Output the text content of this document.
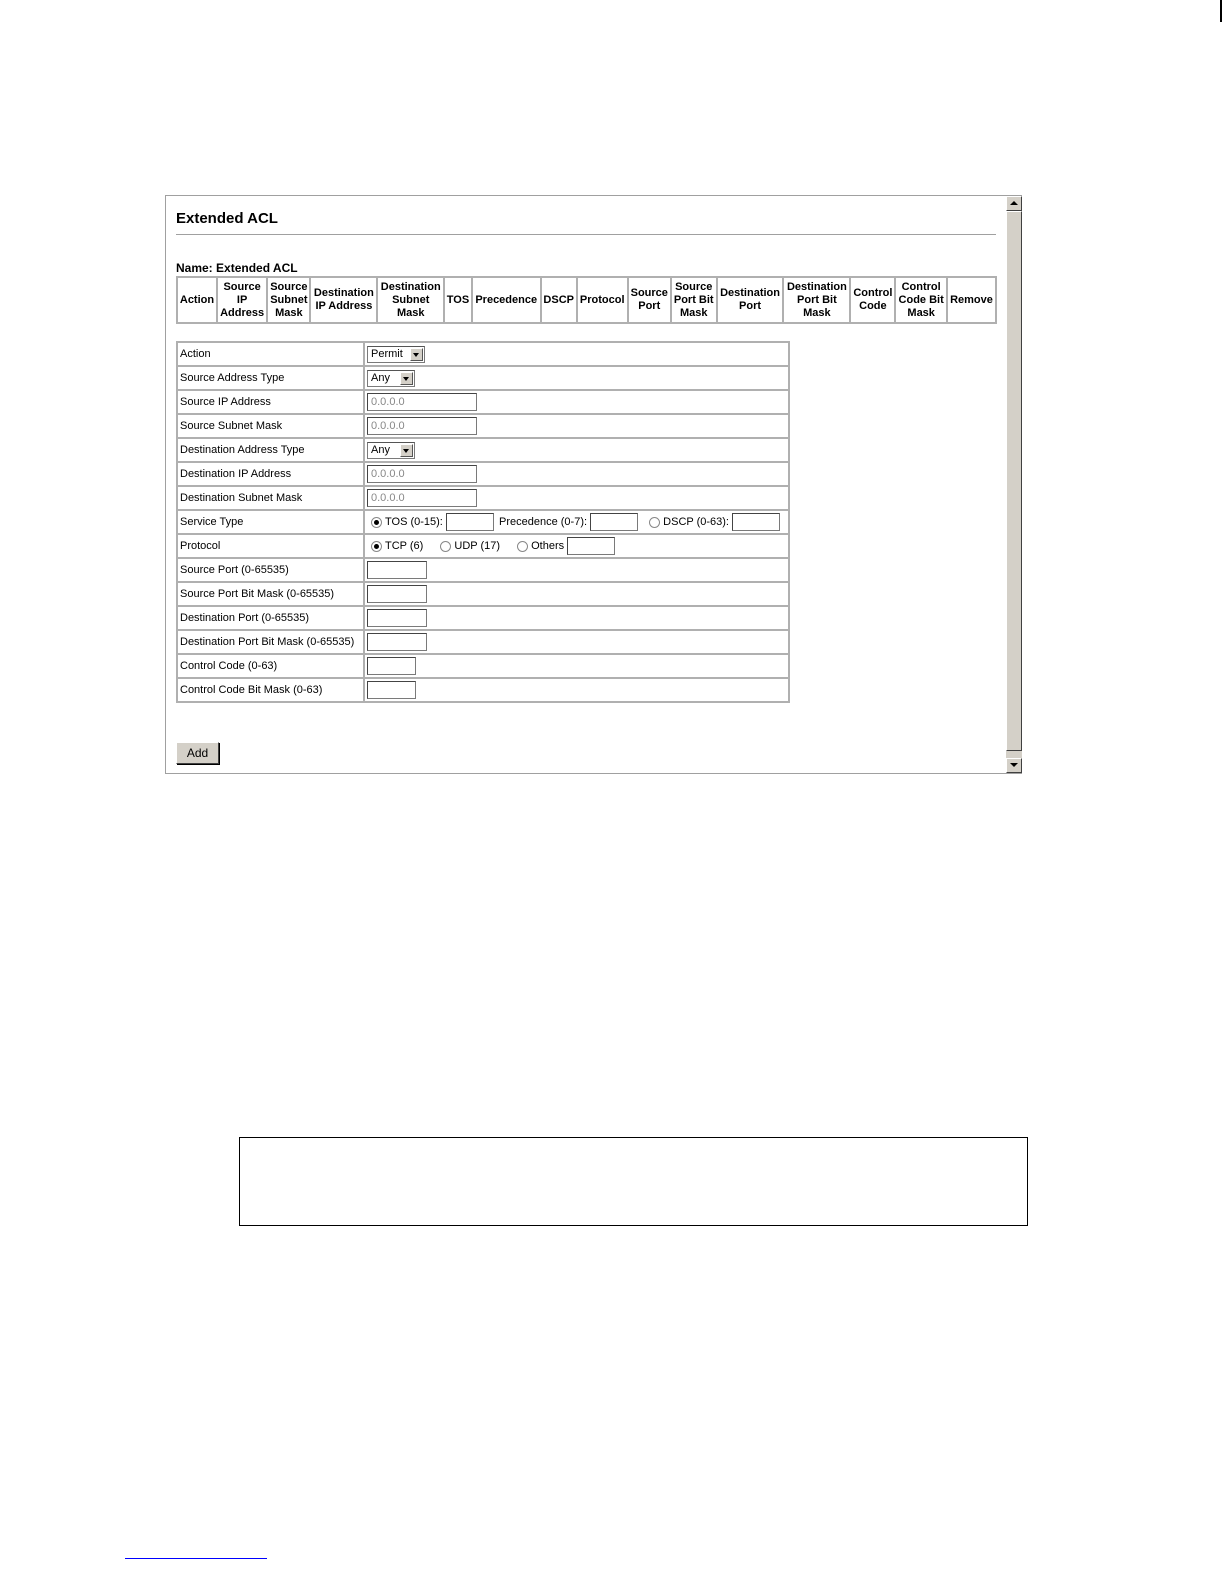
Extended ACL
Name: Extended ACL
Action	Source
IP
Address	Source
Subnet
Mask	Destination
IP Address	Destination
Subnet
Mask	TOS	Precedence	DSCP	Protocol	Source
Port	Source
Port Bit
Mask	Destination
Port	Destination
Port Bit
Mask	Control
Code	Control
Code Bit
Mask	Remove
Action	Permit

Source Address Type	Any

Source IP Address	0.0.0.0
Source Subnet Mask	0.0.0.0
Destination Address Type	Any

Destination IP Address	0.0.0.0
Destination Subnet Mask	0.0.0.0
Service Type	TOS (0-15): Precedence (0-7): DSCP (0-63):
Protocol	TCP (6) UDP (17) Others
Source Port (0-65535)	
Source Port Bit Mask (0-65535)	
Destination Port (0-65535)	
Destination Port Bit Mask (0-65535)	
Control Code (0-63)	
Control Code Bit Mask (0-63)	
Add
